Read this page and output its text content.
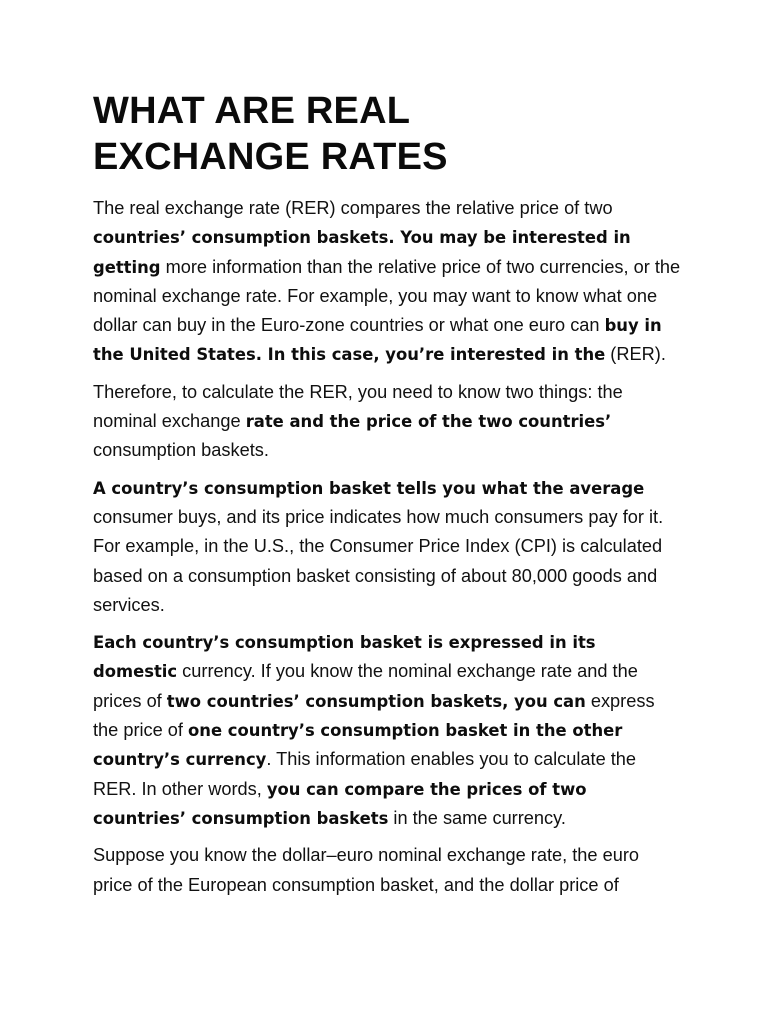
WHAT ARE REAL
EXCHANGE RATES

The real exchange rate (RER) compares the relative price of two countries’ consumption baskets. You may be interested in getting more information than the relative price of two currencies, or the nominal exchange rate. For example, you may want to know what one dollar can buy in the Euro-zone countries or what one euro can buy in the United States. In this case, you’re interested in the (RER).

Therefore, to calculate the RER, you need to know two things: the nominal exchange rate and the price of the two countries’ consumption baskets.

A country’s consumption basket tells you what the average consumer buys, and its price indicates how much consumers pay for it. For example, in the U.S., the Consumer Price Index (CPI) is calculated based on a consumption basket consisting of about 80,000 goods and services.

Each country’s consumption basket is expressed in its domestic currency. If you know the nominal exchange rate and the prices of two countries’ consumption baskets, you can express the price of one country’s consumption basket in the other country’s currency. This information enables you to calculate the RER. In other words, you can compare the prices of two countries’ consumption baskets in the same currency.

Suppose you know the dollar–euro nominal exchange rate, the euro price of the European consumption basket, and the dollar price of
